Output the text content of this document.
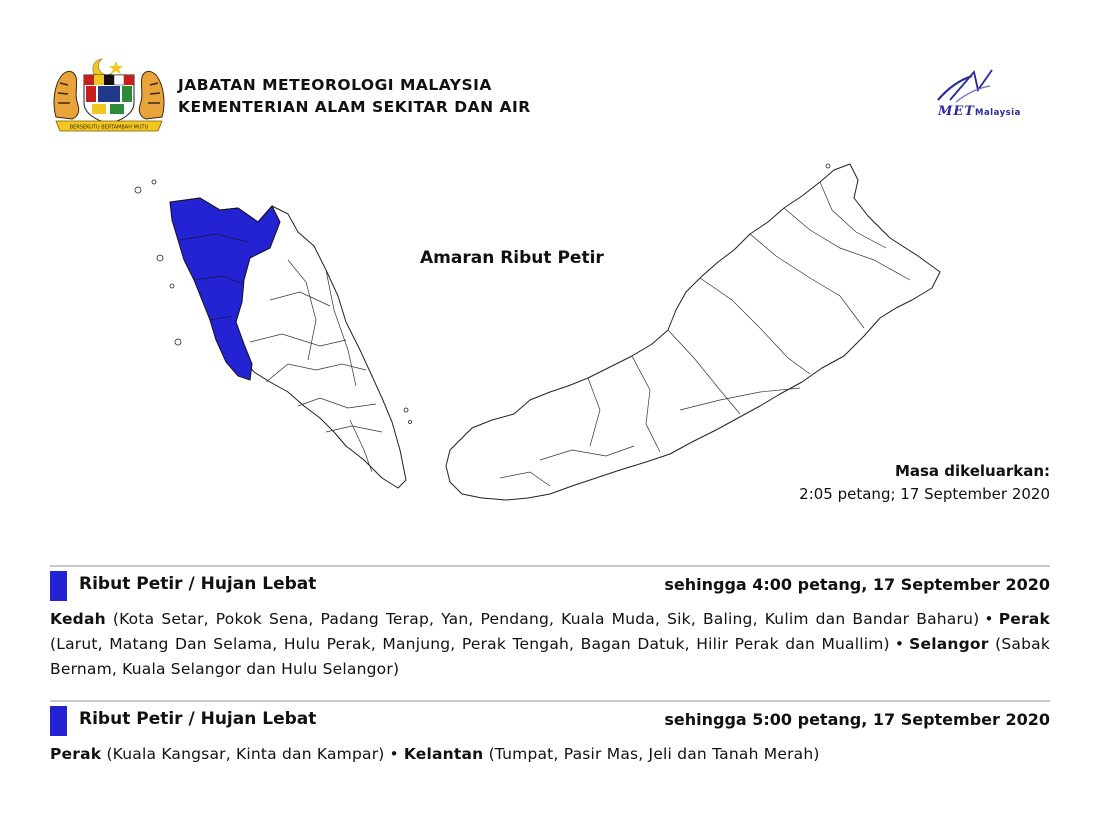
BERSEKUTU BERTAMBAH MUTU
JABATAN METEOROLOGI MALAYSIA
KEMENTERIAN ALAM SEKITAR DAN AIR	METMalaysia
Amaran Ribut Petir
Masa dikeluarkan:
2:05 petang; 17 September 2020
Ribut Petir / Hujan Lebat	sehingga 4:00 petang, 17 September 2020
Kedah (Kota Setar, Pokok Sena, Padang Terap, Yan, Pendang, Kuala Muda, Sik, Baling, Kulim dan Bandar Baharu) • Perak (Larut, Matang Dan Selama, Hulu Perak, Manjung, Perak Tengah, Bagan Datuk, Hilir Perak dan Muallim) • Selangor (Sabak Bernam, Kuala Selangor dan Hulu Selangor)
Ribut Petir / Hujan Lebat	sehingga 5:00 petang, 17 September 2020
Perak (Kuala Kangsar, Kinta dan Kampar) • Kelantan (Tumpat, Pasir Mas, Jeli dan Tanah Merah)
